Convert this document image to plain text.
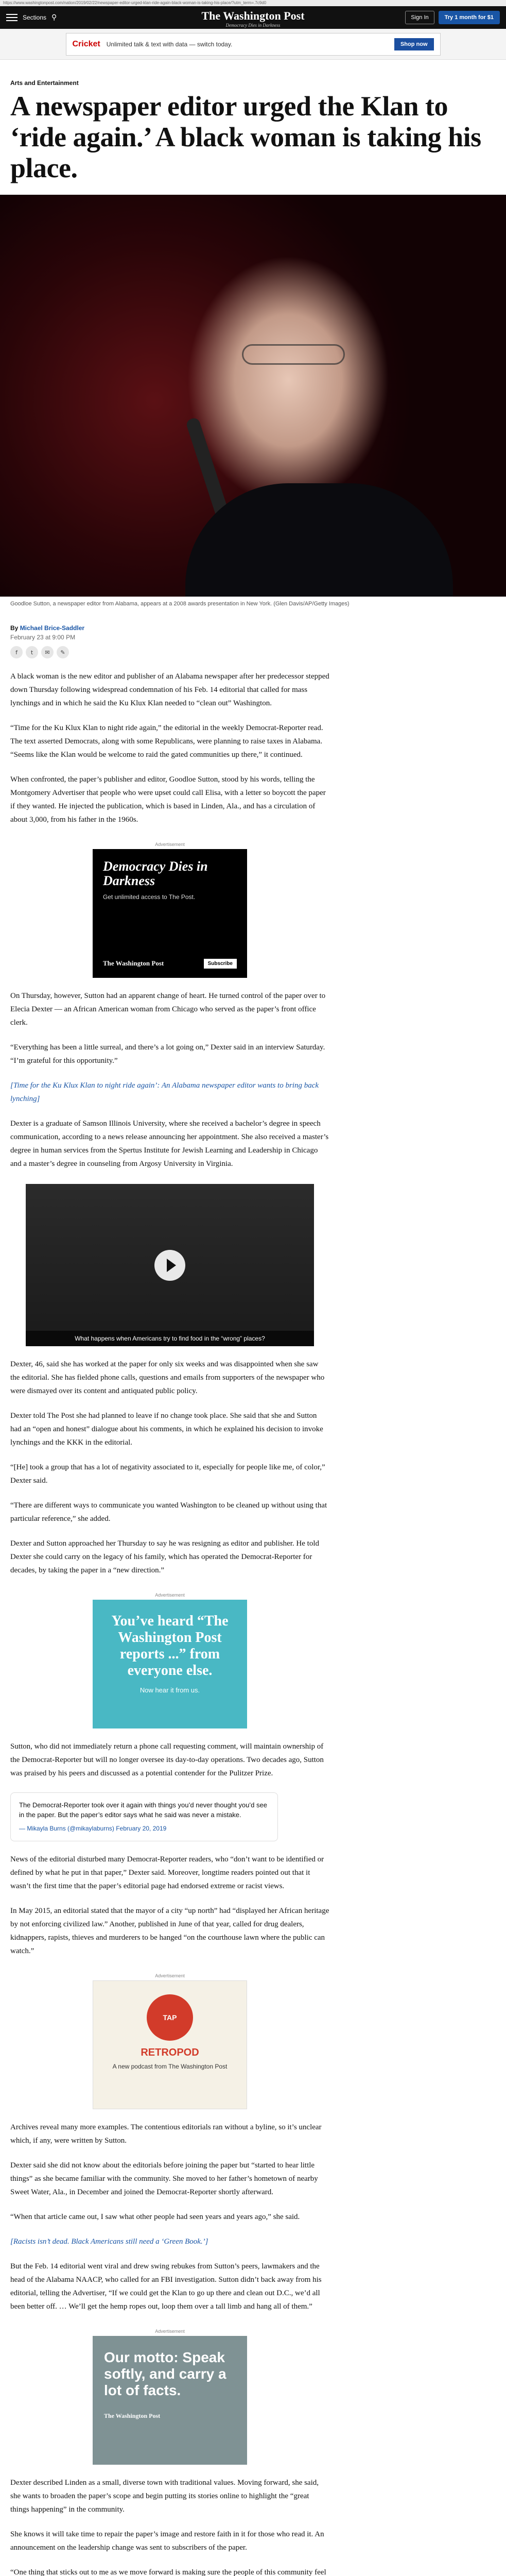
https://www.washingtonpost.com/nation/2019/02/22/newspaper-editor-urged-klan-ride-again-black-woman-is-taking-his-place/?utm_term=.7c9d0
Sections ⚲	The Washington Post
Democracy Dies in Darkness
Sign In	Try 1 month for $1
Cricket Unlimited talk & text with data — switch today.	Shop now
Arts and Entertainment
A newspaper editor urged the Klan to ‘ride again.’ A black woman is taking his place.
Goodloe Sutton, a newspaper editor from Alabama, appears at a 2008 awards presentation in New York. (Glen Davis/AP/Getty Images)
By Michael Brice-Saddler
February 23 at 9:00 PM
f	t	✉	✎

A black woman is the new editor and publisher of an Alabama newspaper after her predecessor stepped down Thursday following widespread condemnation of his Feb. 14 editorial that called for mass lynchings and in which he said the Ku Klux Klan needed to “clean out” Washington.

“Time for the Ku Klux Klan to night ride again,” the editorial in the weekly Democrat-Reporter read. The text asserted Democrats, along with some Republicans, were planning to raise taxes in Alabama. “Seems like the Klan would be welcome to raid the gated communities up there,” it continued.

When confronted, the paper’s publisher and editor, Goodloe Sutton, stood by his words, telling the Montgomery Advertiser that people who were upset could call Elisa, with a letter so boycott the paper if they wanted. He injected the publication, which is based in Linden, Ala., and has a circulation of about 3,000, from his father in the 1960s.

Advertisement
Democracy Dies in Darkness
Get unlimited access to The Post.
The Washington Post	Subscribe

On Thursday, however, Sutton had an apparent change of heart. He turned control of the paper over to Elecia Dexter — an African American woman from Chicago who served as the paper’s front office clerk.

“Everything has been a little surreal, and there’s a lot going on,” Dexter said in an interview Saturday. “I’m grateful for this opportunity.”

[Time for the Ku Klux Klan to night ride again’: An Alabama newspaper editor wants to bring back lynching]

Dexter is a graduate of Samson Illinois University, where she received a bachelor’s degree in speech communication, according to a news release announcing her appointment. She also received a master’s degree in human services from the Spertus Institute for Jewish Learning and Leadership in Chicago and a master’s degree in counseling from Argosy University in Virginia.

What happens when Americans try to find food in the “wrong” places?

Dexter, 46, said she has worked at the paper for only six weeks and was disappointed when she saw the editorial. She has fielded phone calls, questions and emails from supporters of the newspaper who were dismayed over its content and antiquated public policy.

Dexter told The Post she had planned to leave if no change took place. She said that she and Sutton had an “open and honest” dialogue about his comments, in which he explained his decision to invoke lynchings and the KKK in the editorial.

“[He] took a group that has a lot of negativity associated to it, especially for people like me, of color,” Dexter said.

“There are different ways to communicate you wanted Washington to be cleaned up without using that particular reference,” she added.

Dexter and Sutton approached her Thursday to say he was resigning as editor and publisher. He told Dexter she could carry on the legacy of his family, which has operated the Democrat-Reporter for decades, by taking the paper in a “new direction.”

Advertisement
You’ve heard “The Washington Post reports ...” from everyone else.
Now hear it from us.

Sutton, who did not immediately return a phone call requesting comment, will maintain ownership of the Democrat-Reporter but will no longer oversee its day-to-day operations. Two decades ago, Sutton was praised by his peers and discussed as a potential contender for the Pulitzer Prize.

The Democrat-Reporter took over it again with things you’d never thought you’d see in the paper. But the paper’s editor says what he said was never a mistake.
— Mikayla Burns (@mikaylaburns) February 20, 2019

News of the editorial disturbed many Democrat-Reporter readers, who “don’t want to be identified or defined by what he put in that paper,” Dexter said. Moreover, longtime readers pointed out that it wasn’t the first time that the paper’s editorial page had endorsed extreme or racist views.

In May 2015, an editorial stated that the mayor of a city “up north” had “displayed her African heritage by not enforcing civilized law.” Another, published in June of that year, called for drug dealers, kidnappers, rapists, thieves and murderers to be hanged “on the courthouse lawn where the public can watch.”

Advertisement
TAP
RETROPOD
A new podcast from The Washington Post

Archives reveal many more examples. The contentious editorials ran without a byline, so it’s unclear which, if any, were written by Sutton.

Dexter said she did not know about the editorials before joining the paper but “started to hear little things” as she became familiar with the community. She moved to her father’s hometown of nearby Sweet Water, Ala., in December and joined the Democrat-Reporter shortly afterward.

“When that article came out, I saw what other people had seen years and years ago,” she said.

[Racists isn’t dead. Black Americans still need a ‘Green Book.’]

But the Feb. 14 editorial went viral and drew swing rebukes from Sutton’s peers, lawmakers and the head of the Alabama NAACP, who called for an FBI investigation. Sutton didn’t back away from his editorial, telling the Advertiser, “If we could get the Klan to go up there and clean out D.C., we’d all been better off. … We’ll get the hemp ropes out, loop them over a tall limb and hang all of them.”

Advertisement
Our motto: Speak softly, and carry a lot of facts.
The Washington Post

Dexter described Linden as a small, diverse town with traditional values. Moving forward, she said, she wants to broaden the paper’s scope and begin putting its stories online to highlight the “great things happening” in the community.

She knows it will take time to repair the paper’s image and restore faith in it for those who read it. An announcement on the leadership change was sent to subscribers of the paper.

“One thing that sticks out to me as we move forward is making sure the people of this community feel
